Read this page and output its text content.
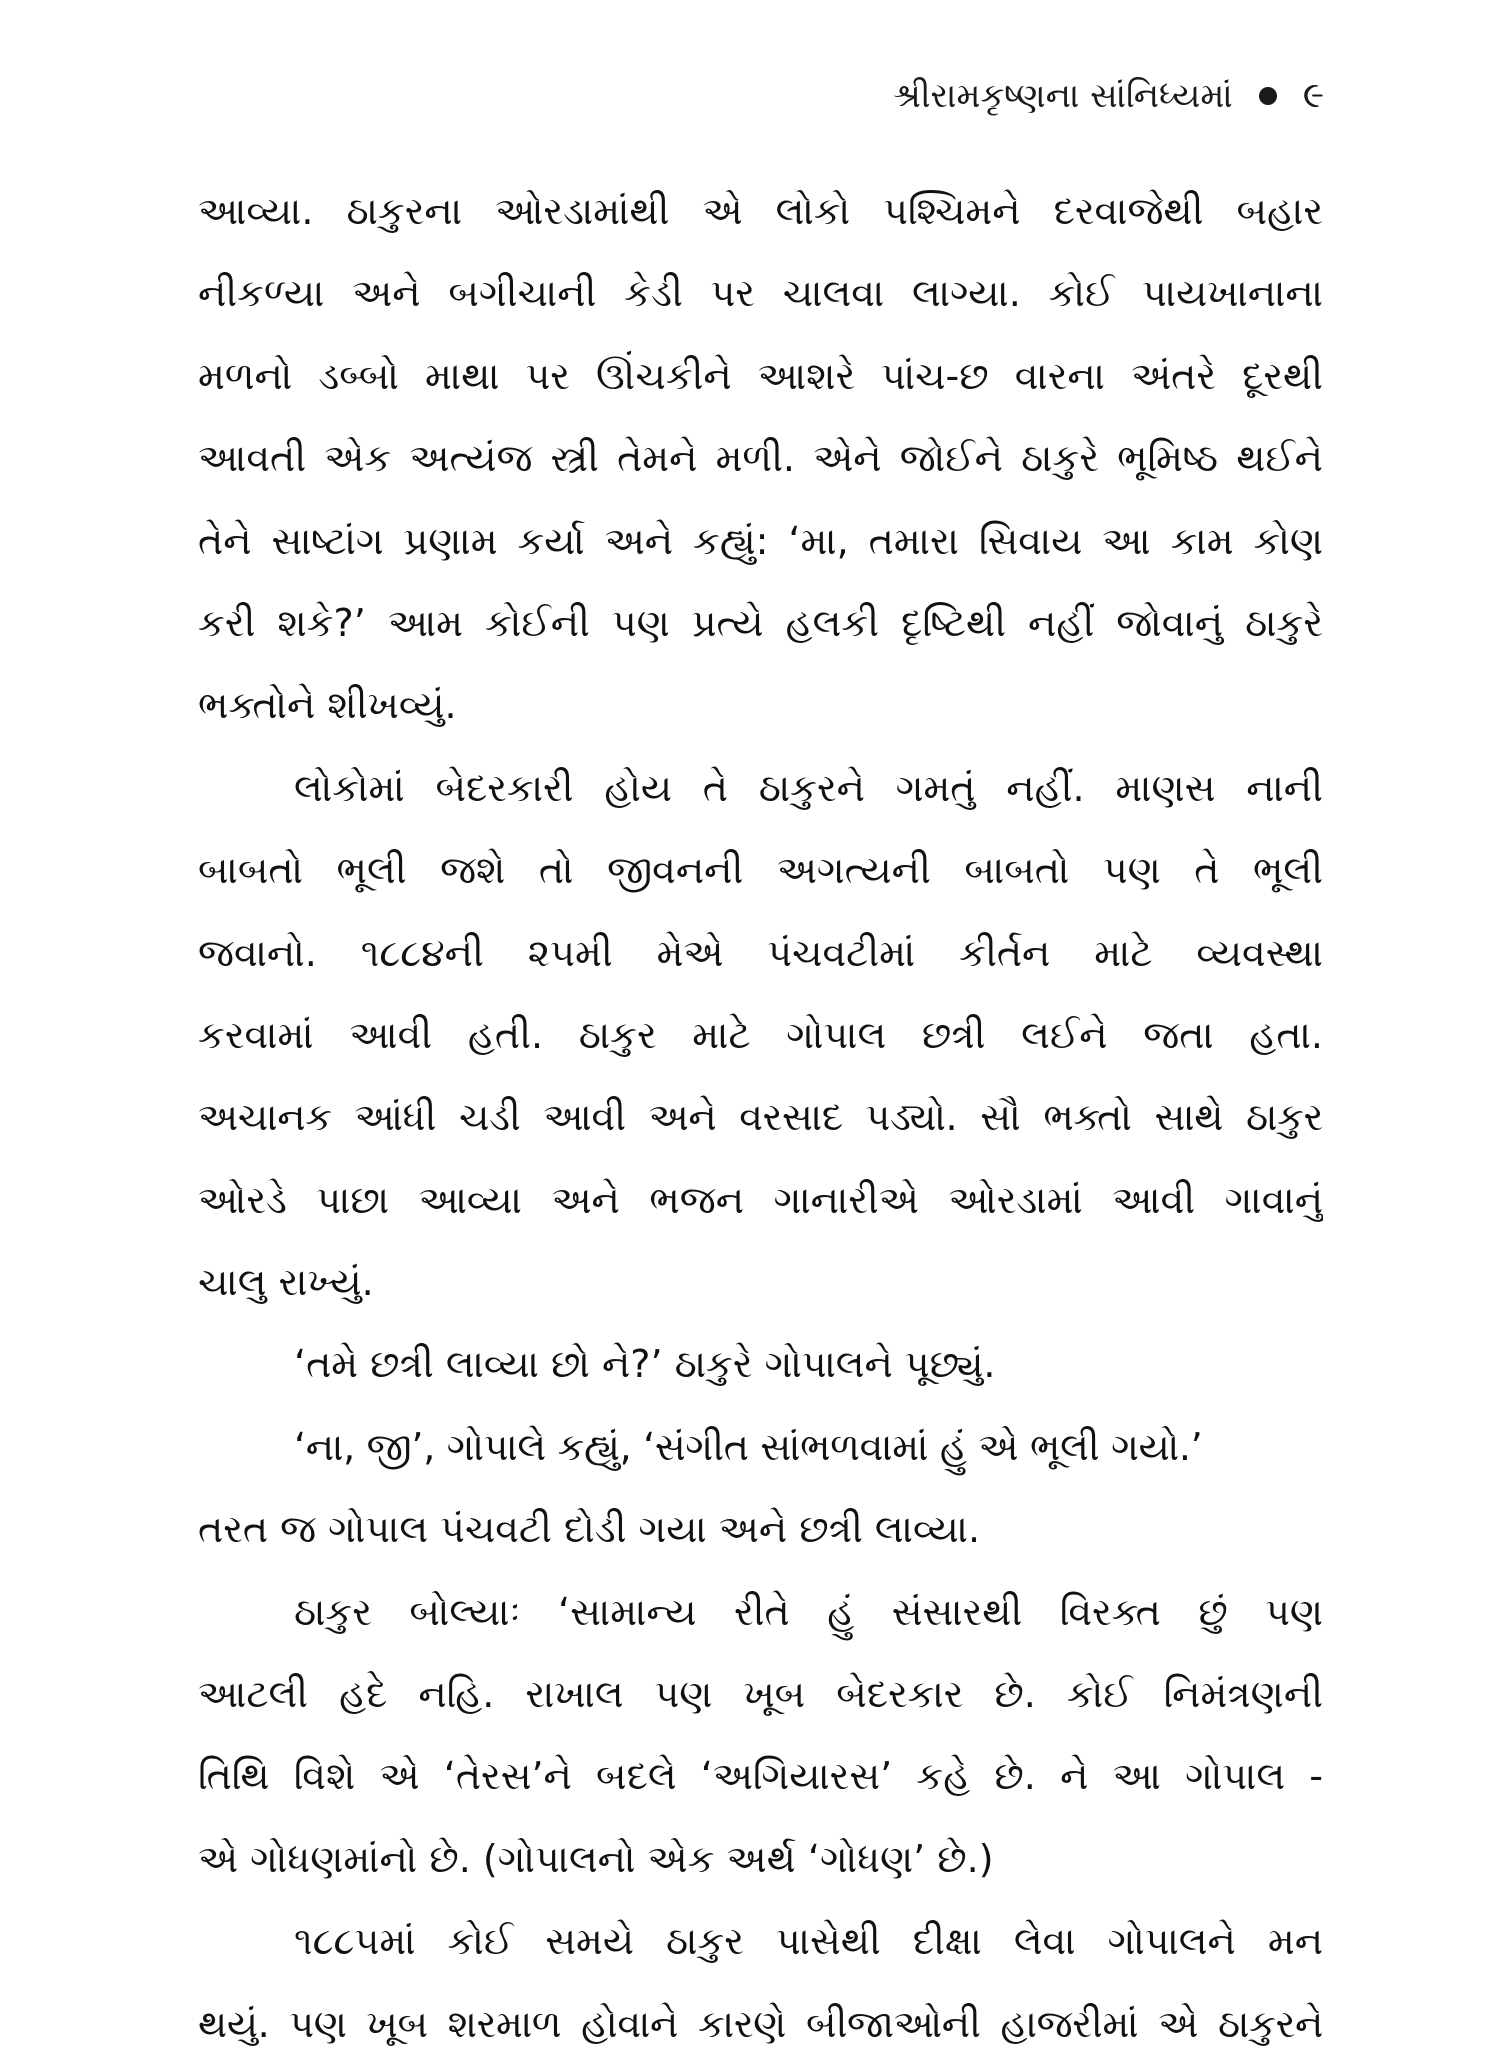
શ્રીરામકૃષ્ણના સાંનિધ્યમાં ૯
આવ્યા. ઠાકુરના ઓરડામાંથી એ લોકો પશ્ચિમને દરવાજેથી બહાર
નીકળ્યા અને બગીચાની કેડી પર ચાલવા લાગ્યા. કોઈ પાયખાનાના
મળનો ડબ્બો માથા પર ઊંચકીને આશરે પાંચ-છ વારના અંતરે દૂરથી
આવતી એક અત્યંજ સ્ત્રી તેમને મળી. એને જોઈને ઠાકુરે ભૂમિષ્ઠ થઈને
તેને સાષ્ટાંગ પ્રણામ કર્યા અને કહ્યું: ‘મા, તમારા સિવાય આ કામ કોણ
કરી શકે?’ આમ કોઈની પણ પ્રત્યે હલકી દૃષ્ટિથી નહીં જોવાનું ઠાકુરે
ભક્તોને શીખવ્યું.
લોકોમાં બેદરકારી હોય તે ઠાકુરને ગમતું નહીં. માણસ નાની
બાબતો ભૂલી જશે તો જીવનની અગત્યની બાબતો પણ તે ભૂલી
જવાનો. ૧૮૮૪ની ૨૫મી મેએ પંચવટીમાં કીર્તન માટે વ્યવસ્થા
કરવામાં આવી હતી. ઠાકુર માટે ગોપાલ છત્રી લઈને જતા હતા.
અચાનક આંધી ચડી આવી અને વરસાદ પડ્યો. સૌ ભક્તો સાથે ઠાકુર
ઓરડે પાછા આવ્યા અને ભજન ગાનારીએ ઓરડામાં આવી ગાવાનું
ચાલુ રાખ્યું.
‘તમે છત્રી લાવ્યા છો ને?’ ઠાકુરે ગોપાલને પૂછ્યું.
‘ના, જી’, ગોપાલે કહ્યું, ‘સંગીત સાંભળવામાં હું એ ભૂલી ગયો.’
તરત જ ગોપાલ પંચવટી દોડી ગયા અને છત્રી લાવ્યા.
ઠાકુર બોલ્યાઃ ‘સામાન્ય રીતે હું સંસારથી વિરક્ત છું પણ
આટલી હદે નહિ. રાખાલ પણ ખૂબ બેદરકાર છે. કોઈ નિમંત્રણની
તિથિ વિશે એ ‘તેરસ’ને બદલે ‘અગિયારસ’ કહે છે. ને આ ગોપાલ -
એ ગોધણમાંનો છે. (ગોપાલનો એક અર્થ ‘ગોધણ’ છે.)
૧૮૮૫માં કોઈ સમયે ઠાકુર પાસેથી દીક્ષા લેવા ગોપાલને મન
થયું. પણ ખૂબ શરમાળ હોવાને કારણે બીજાઓની હાજરીમાં એ ઠાકુરને
